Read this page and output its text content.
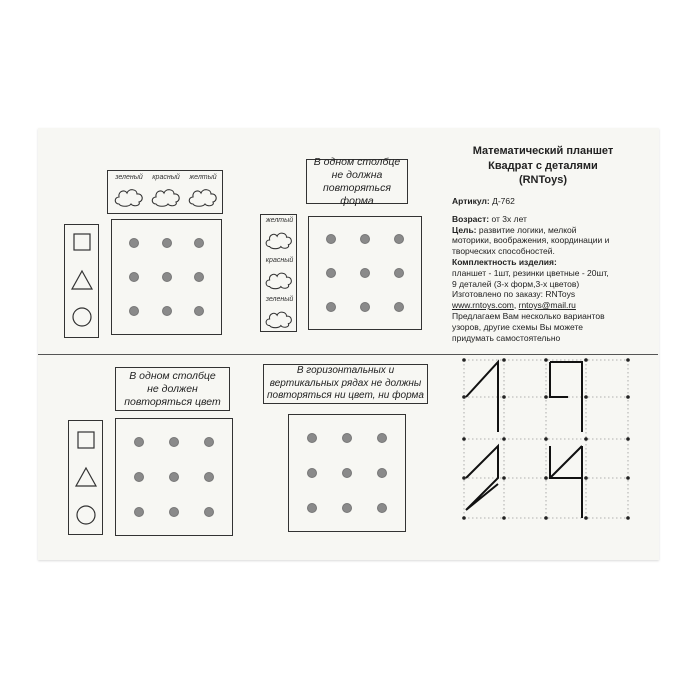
зеленый	красный	желтый
В одном столбце
не должна
повторяться форма
желтый
красный
зеленый
Математический планшет
Квадрат с деталями
(RNToys)
Артикул: Д-762
Возраст: от 3х лет
Цель: развитие логики, мелкой
моторики, воображения, координации и
творческих способностей.
Комплектность изделия:
планшет - 1шт, резинки цветные - 20шт,
9 деталей (3-х форм,3-х цветов)
Изготовлено по заказу: RNToys
www.rntoys.com, rntoys@mail.ru
Предлагаем Вам несколько вариантов
узоров, другие схемы Вы можете
придумать самостоятельно
В одном столбце
не должен
повторяться цвет
В горизонтальных и
вертикальных рядах не должны
повторяться ни цвет, ни форма
